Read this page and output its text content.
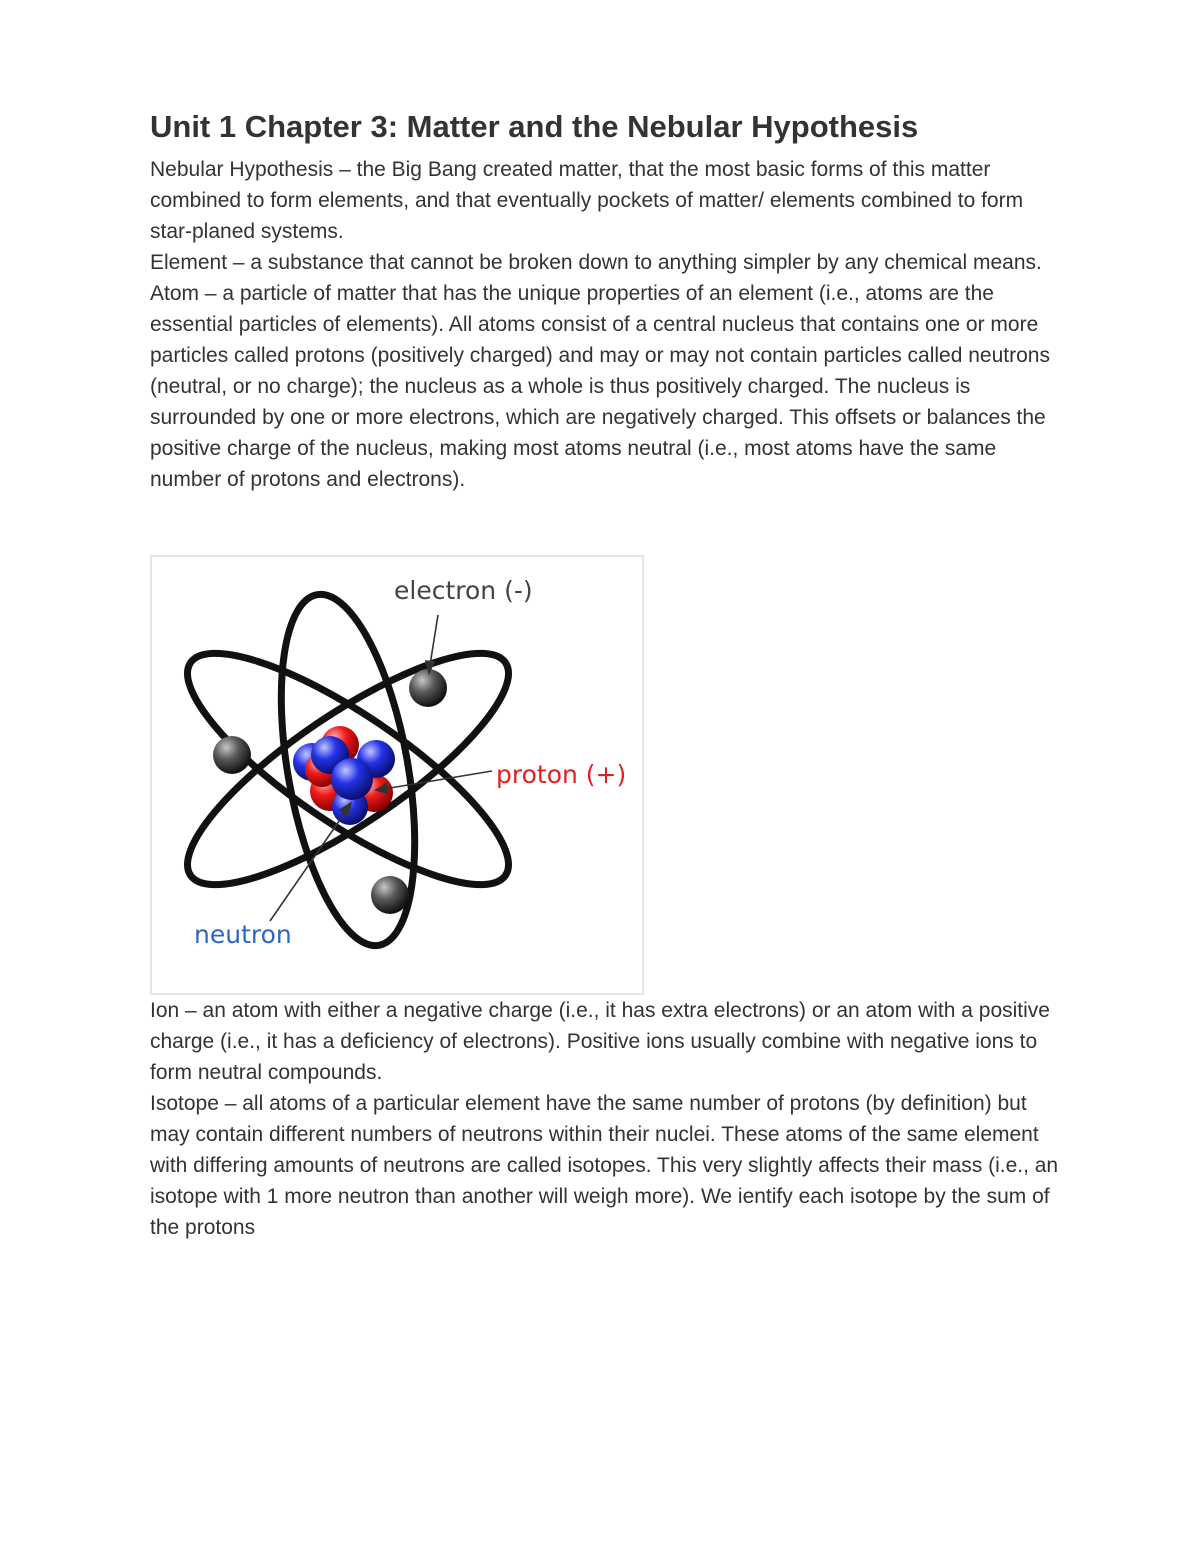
Unit 1 Chapter 3: Matter and the Nebular Hypothesis

Nebular Hypothesis – the Big Bang created matter, that the most basic forms of this matter combined to form elements, and that eventually pockets of matter/ elements combined to form star-planed systems.

Element – a substance that cannot be broken down to anything simpler by any chemical means.

Atom – a particle of matter that has the unique properties of an element (i.e., atoms are the essential particles of elements). All atoms consist of a central nucleus that contains one or more particles called protons (positively charged) and may or may not contain particles called neutrons (neutral, or no charge); the nucleus as a whole is thus positively charged. The nucleus is surrounded by one or more electrons, which are negatively charged. This offsets or balances the positive charge of the nucleus, making most atoms neutral (i.e., most atoms have the same number of protons and electrons).

electron (-)
proton (+)
neutron

Ion – an atom with either a negative charge (i.e., it has extra electrons) or an atom with a positive charge (i.e., it has a deficiency of electrons). Positive ions usually combine with negative ions to form neutral compounds.

Isotope – all atoms of a particular element have the same number of protons (by definition) but may contain different numbers of neutrons within their nuclei. These atoms of the same element with differing amounts of neutrons are called isotopes. This very slightly affects their mass (i.e., an isotope with 1 more neutron than another will weigh more). We ientify each isotope by the sum of the protons
